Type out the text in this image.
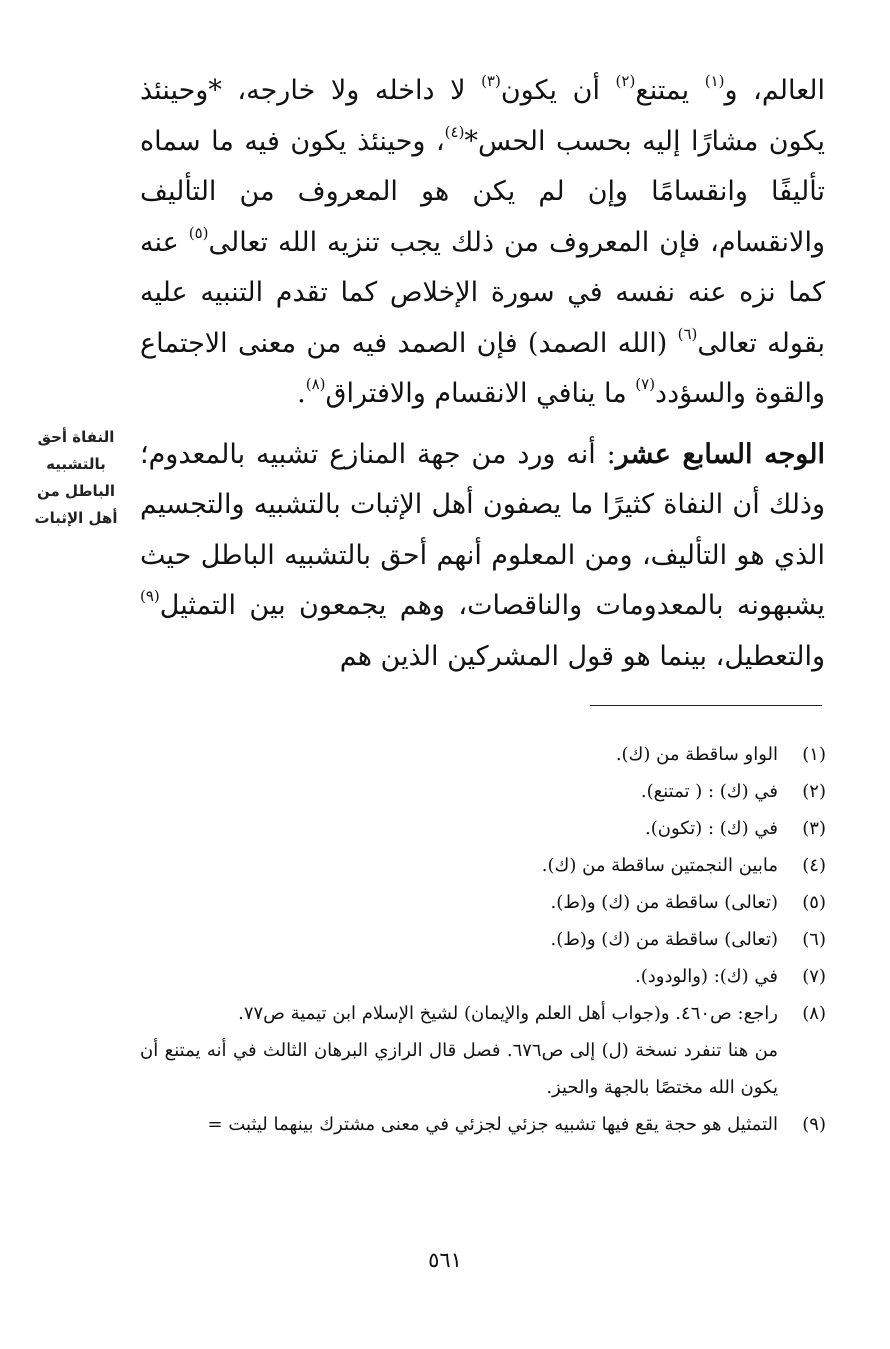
العالم، و$^{(١)}$ يمتنع$^{(٢)}$ أن يكون$^{(٣)}$ لا داخله ولا خارجه، *وحينئذ يكون مشارًا إليه بحسب الحس*$^{(٤)}$، وحينئذ يكون فيه ما سماه تأليفًا وانقسامًا وإن لم يكن هو المعروف من التأليف والانقسام، فإن المعروف من ذلك يجب تنزيه الله تعالى$^{(٥)}$ عنه كما نزه عنه نفسه في سورة الإخلاص كما تقدم التنبيه عليه بقوله تعالى$^{(٦)}$ (الله الصمد) فإن الصمد فيه من معنى الاجتماع والقوة والسؤدد$^{(٧)}$ ما ينافي الانقسام والافتراق$^{(٨)}$.

الوجه السابع عشر: أنه ورد من جهة المنازع تشبيه بالمعدوم؛ وذلك أن النفاة كثيرًا ما يصفون أهل الإثبات بالتشبيه والتجسيم الذي هو التأليف، ومن المعلوم أنهم أحق بالتشبيه الباطل حيث يشبهونه بالمعدومات والناقصات، وهم يجمعون بين التمثيل$^{(٩)}$ والتعطيل، بينما هو قول المشركين الذين هم

النفاة أحق
بالتشبيه
الباطل من
أهل الإثبات
(١)
الواو ساقطة من (ك).
(٢)
في (ك) : ( تمتنع).
(٣)
في (ك) : (تكون).
(٤)
مابين النجمتين ساقطة من (ك).
(٥)
(تعالى) ساقطة من (ك) و(ط).
(٦)
(تعالى) ساقطة من (ك) و(ط).
(٧)
في (ك): (والودود).
(٨)
راجع: ص٤٦٠. و(جواب أهل العلم والإيمان) لشيخ الإسلام ابن تيمية ص٧٧.
من هنا تنفرد نسخة (ل) إلى ص٦٧٦. فصل قال الرازي البرهان الثالث في أنه يمتنع أن يكون الله مختصًا بالجهة والحيز.
(٩)
التمثيل هو حجة يقع فيها تشبيه جزئي لجزئي في معنى مشترك بينهما ليثبت =
٥٦١
